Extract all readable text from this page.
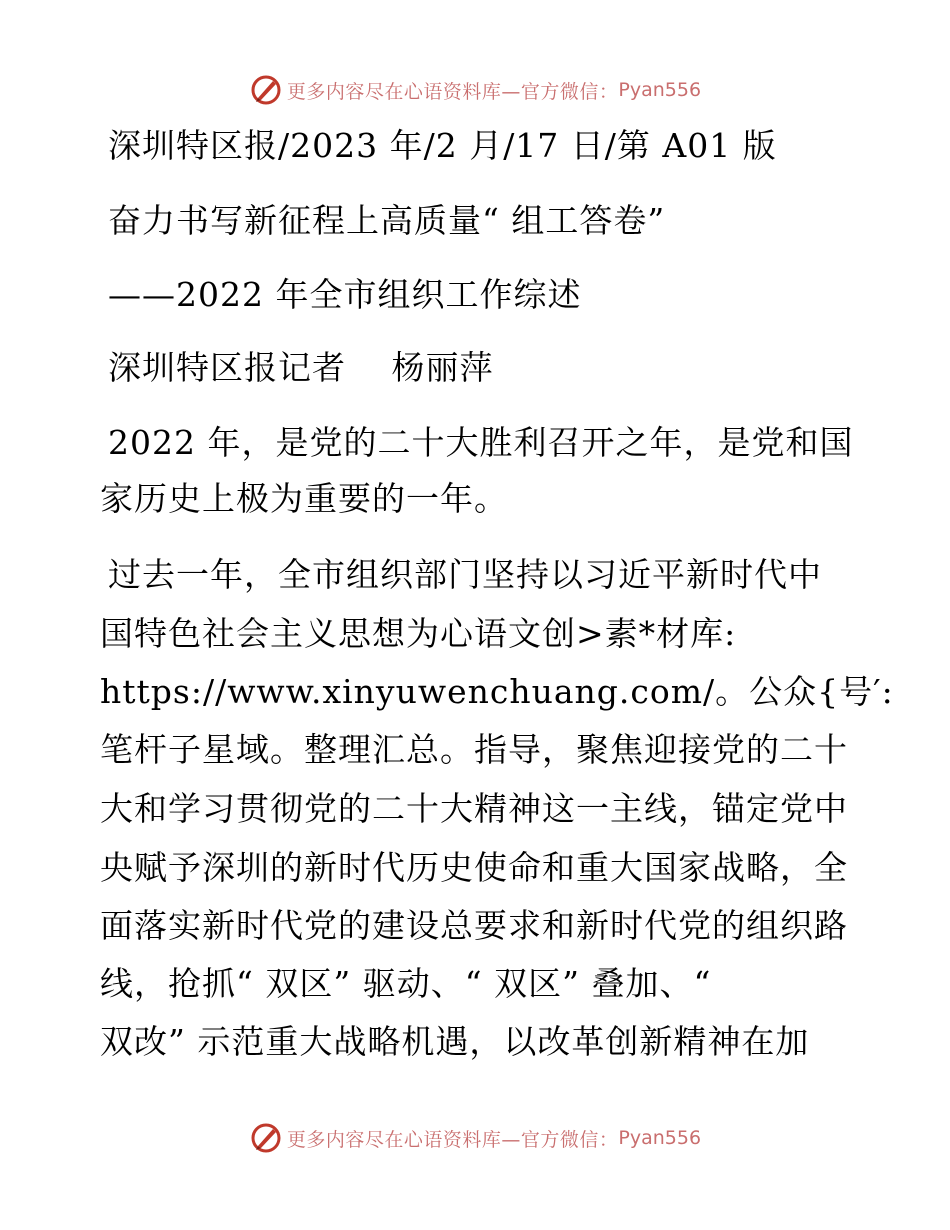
更多内容尽在心语资料库—官方微信： Pyan556
深圳特区报/2023 年/2 月/17 日/第 A01 版
奋力书写新征程上高质量“ 组工答卷”
——2022 年全市组织工作综述
深圳特区报记者　 杨丽萍
2022 年，是党的二十大胜利召开之年，是党和国
家历史上极为重要的一年。
过去一年，全市组织部门坚持以习近平新时代中
国特色社会主义思想为心语文创>素*材库:
https://www.xinyuwenchuang.com/。公众{号′:
笔杆子星域。整理汇总。指导，聚焦迎接党的二十
大和学习贯彻党的二十大精神这一主线，锚定党中
央赋予深圳的新时代历史使命和重大国家战略，全
面落实新时代党的建设总要求和新时代党的组织路
线，抢抓“ 双区” 驱动、“ 双区” 叠加、“
双改” 示范重大战略机遇，以改革创新精神在加
更多内容尽在心语资料库—官方微信： Pyan556
